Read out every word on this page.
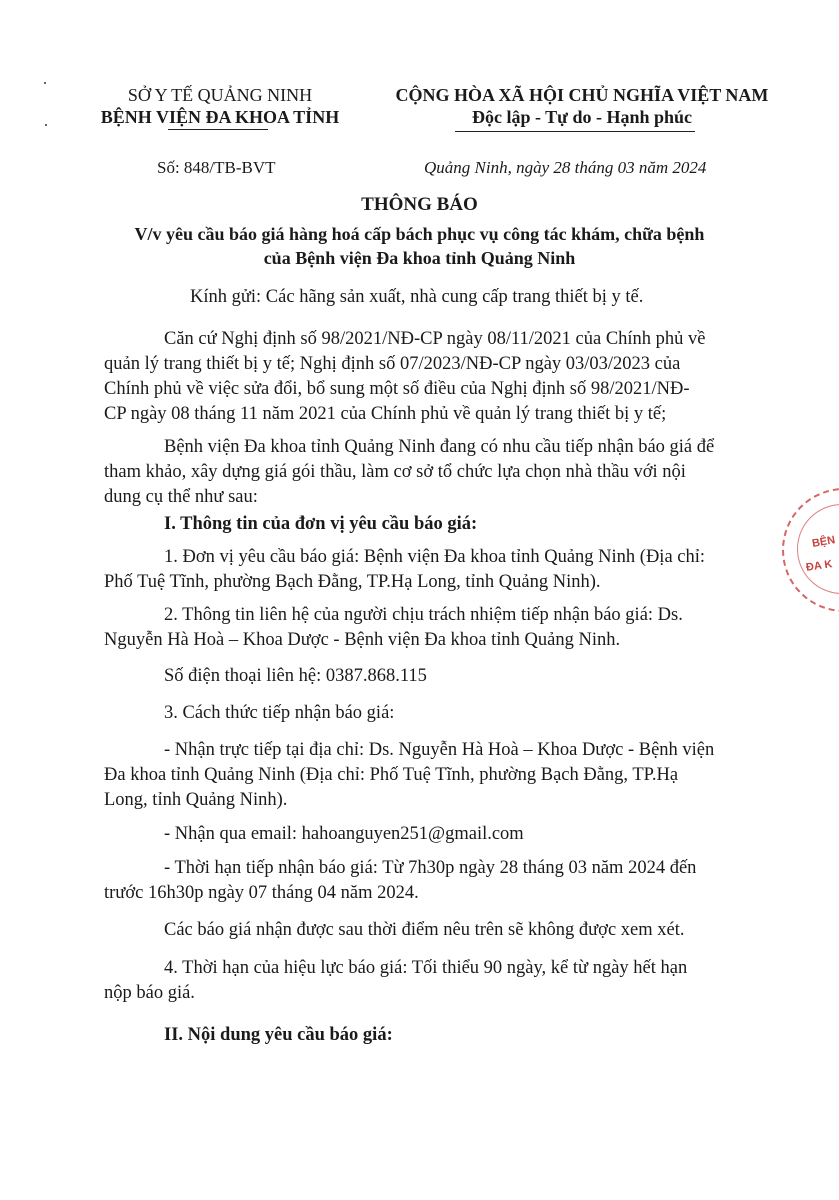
SỞ Y TẾ QUẢNG NINH
BỆNH VIỆN ĐA KHOA TỈNH
CỘNG HÒA XÃ HỘI CHỦ NGHĨA VIỆT NAM
Độc lập - Tự do - Hạnh phúc
Số: 848/TB-BVT	Quảng Ninh, ngày 28 tháng 03 năm 2024
THÔNG BÁO
V/v yêu cầu báo giá hàng hoá cấp bách phục vụ công tác khám, chữa bệnh
của Bệnh viện Đa khoa tỉnh Quảng Ninh
Kính gửi: Các hãng sản xuất, nhà cung cấp trang thiết bị y tế.
Căn cứ Nghị định số 98/2021/NĐ-CP ngày 08/11/2021 của Chính phủ về
quản lý trang thiết bị y tế; Nghị định số 07/2023/NĐ-CP ngày 03/03/2023 của
Chính phủ về việc sửa đổi, bổ sung một số điều của Nghị định số 98/2021/NĐ-
CP ngày 08 tháng 11 năm 2021 của Chính phủ về quản lý trang thiết bị y tế;
Bệnh viện Đa khoa tỉnh Quảng Ninh đang có nhu cầu tiếp nhận báo giá để
tham khảo, xây dựng giá gói thầu, làm cơ sở tổ chức lựa chọn nhà thầu với nội
dung cụ thể như sau:
I. Thông tin của đơn vị yêu cầu báo giá:
1. Đơn vị yêu cầu báo giá: Bệnh viện Đa khoa tỉnh Quảng Ninh (Địa chỉ:
Phố Tuệ Tĩnh, phường Bạch Đằng, TP.Hạ Long, tỉnh Quảng Ninh).
2. Thông tin liên hệ của người chịu trách nhiệm tiếp nhận báo giá: Ds.
Nguyễn Hà Hoà – Khoa Dược - Bệnh viện Đa khoa tỉnh Quảng Ninh.
Số điện thoại liên hệ: 0387.868.115
3. Cách thức tiếp nhận báo giá:
- Nhận trực tiếp tại địa chỉ: Ds. Nguyễn Hà Hoà – Khoa Dược - Bệnh viện
Đa khoa tỉnh Quảng Ninh (Địa chỉ: Phố Tuệ Tĩnh, phường Bạch Đằng, TP.Hạ
Long, tỉnh Quảng Ninh).
- Nhận qua email: hahoanguyen251@gmail.com
- Thời hạn tiếp nhận báo giá: Từ 7h30p ngày 28 tháng 03 năm 2024 đến
trước 16h30p ngày 07 tháng 04 năm 2024.
Các báo giá nhận được sau thời điểm nêu trên sẽ không được xem xét.
4. Thời hạn của hiệu lực báo giá: Tối thiểu 90 ngày, kể từ ngày hết hạn
nộp báo giá.
II. Nội dung yêu cầu báo giá:
BỆN
ĐA K
